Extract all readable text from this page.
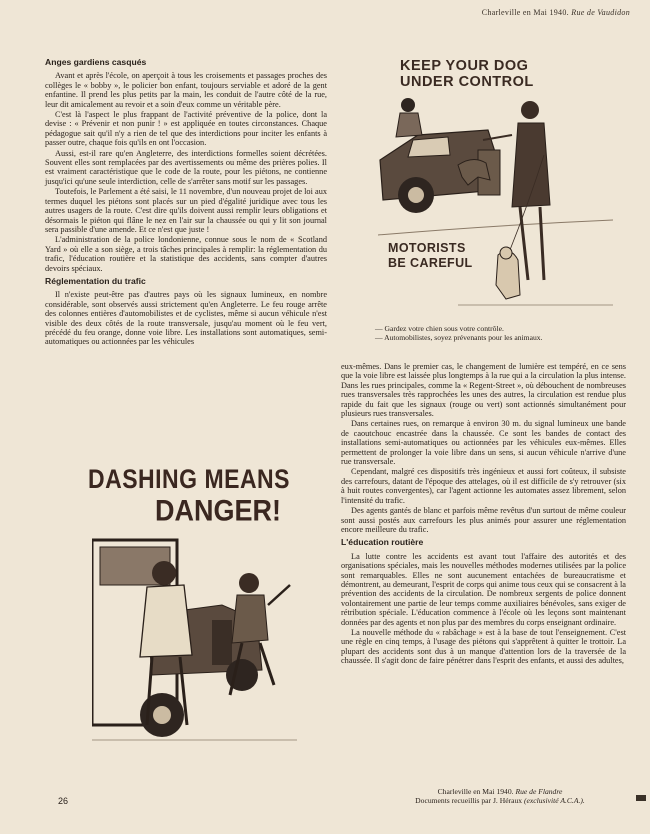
Charleville en Mai 1940. Rue de Vaudidon
Anges gardiens casqués

Avant et après l'école, on aperçoit à tous les croisements et passages proches des collèges le « bobby », le policier bon enfant, toujours serviable et adoré de la gent enfantine. Il prend les plus petits par la main, les conduit de l'autre côté de la rue, leur dit amicalement au revoir et a soin d'eux comme un véritable père.

C'est là l'aspect le plus frappant de l'activité préventive de la police, dont la devise : « Prévenir et non punir ! » est appliquée en toutes circonstances. Chaque pédagogue sait qu'il n'y a rien de tel que des interdictions pour inciter les enfants à passer outre, chaque fois qu'ils en ont l'occasion.

Aussi, est-il rare qu'en Angleterre, des interdictions formelles soient décrétées. Souvent elles sont remplacées par des avertissements ou même des prières polies. Il est vraiment caractéristique que le code de la route, pour les piétons, ne contienne jusqu'ici qu'une seule interdiction, celle de s'arrêter sans motif sur les passages.

Toutefois, le Parlement a été saisi, le 11 novembre, d'un nouveau projet de loi aux termes duquel les piétons sont placés sur un pied d'égalité juridique avec tous les autres usagers de la route. C'est dire qu'ils doivent aussi remplir leurs obligations et désormais le piéton qui flâne le nez en l'air sur la chaussée ou qui y lit son journal sera passible d'une amende. Et ce n'est que juste !

L'administration de la police londonienne, connue sous le nom de « Scotland Yard » où elle a son siège, a trois tâches principales à remplir: la réglementation du trafic, l'éducation routière et la statistique des accidents, sans compter d'autres devoirs spéciaux.

Réglementation du trafic

Il n'existe peut-être pas d'autres pays où les signaux lumineux, en nombre considérable, sont observés aussi strictement qu'en Angleterre. Le feu rouge arrête des colonnes entières d'automobilistes et de cyclistes, même si aucun véhicule n'est visible des deux côtés de la route transversale, jusqu'au moment où le feu vert, précédé du feu orange, donne voie libre. Les installations sont automatiques, semi-automatiques ou actionnées par les véhicules

KEEP YOUR DOG
UNDER CONTROL
MOTORISTS
BE CAREFUL
— Gardez votre chien sous votre contrôle.
— Automobilistes, soyez prévenants pour les animaux.
DASHING MEANS
DANGER!

eux-mêmes. Dans le premier cas, le changement de lumière est tempéré, en ce sens que la voie libre est laissée plus longtemps à la rue qui a la circulation la plus intense. Dans les rues principales, comme la « Regent-Street », où débouchent de nombreuses rues transversales très rapprochées les unes des autres, la circulation est rendue plus rapide du fait que les signaux (rouge ou vert) sont actionnés simultanément pour plusieurs rues transversales.

Dans certaines rues, on remarque à environ 30 m. du signal lumineux une bande de caoutchouc encastrée dans la chaussée. Ce sont les bandes de contact des installations semi-automatiques ou actionnées par les véhicules eux-mêmes. Elles permettent de prolonger la voie libre dans un sens, si aucun véhicule n'arrive d'une rue transversale.

Cependant, malgré ces dispositifs très ingénieux et aussi fort coûteux, il subsiste des carrefours, datant de l'époque des attelages, où il est difficile de s'y retrouver (six à huit routes convergentes), car l'agent actionne les automates assez librement, selon l'intensité du trafic.

Des agents gantés de blanc et parfois même revêtus d'un surtout de même couleur sont aussi postés aux carrefours les plus animés pour assurer une réglementation encore meilleure du trafic.

L'éducation routière

La lutte contre les accidents est avant tout l'affaire des autorités et des organisations spéciales, mais les nouvelles méthodes modernes utilisées par la police sont remarquables. Elles ne sont aucunement entachées de bureaucratisme et démontrent, au demeurant, l'esprit de corps qui anime tous ceux qui se consacrent à la prévention des accidents de la circulation. De nombreux sergents de police donnent volontairement une partie de leur temps comme auxiliaires bénévoles, sans exiger de rétribution spéciale. L'éducation commence à l'école où les leçons sont maintenant données par des agents et non plus par des membres du corps enseignant ordinaire.

La nouvelle méthode du « rabâchage » est à la base de tout l'enseignement. C'est une règle en cinq temps, à l'usage des piétons qui s'apprêtent à quitter le trottoir. La plupart des accidents sont dus à un manque d'attention lors de la traversée de la chaussée. Il s'agit donc de faire pénétrer dans l'esprit des enfants, et aussi des adultes,

26
Charleville en Mai 1940. Rue de Flandre
Documents recueillis par J. Héraux (exclusivité A.C.A.).
